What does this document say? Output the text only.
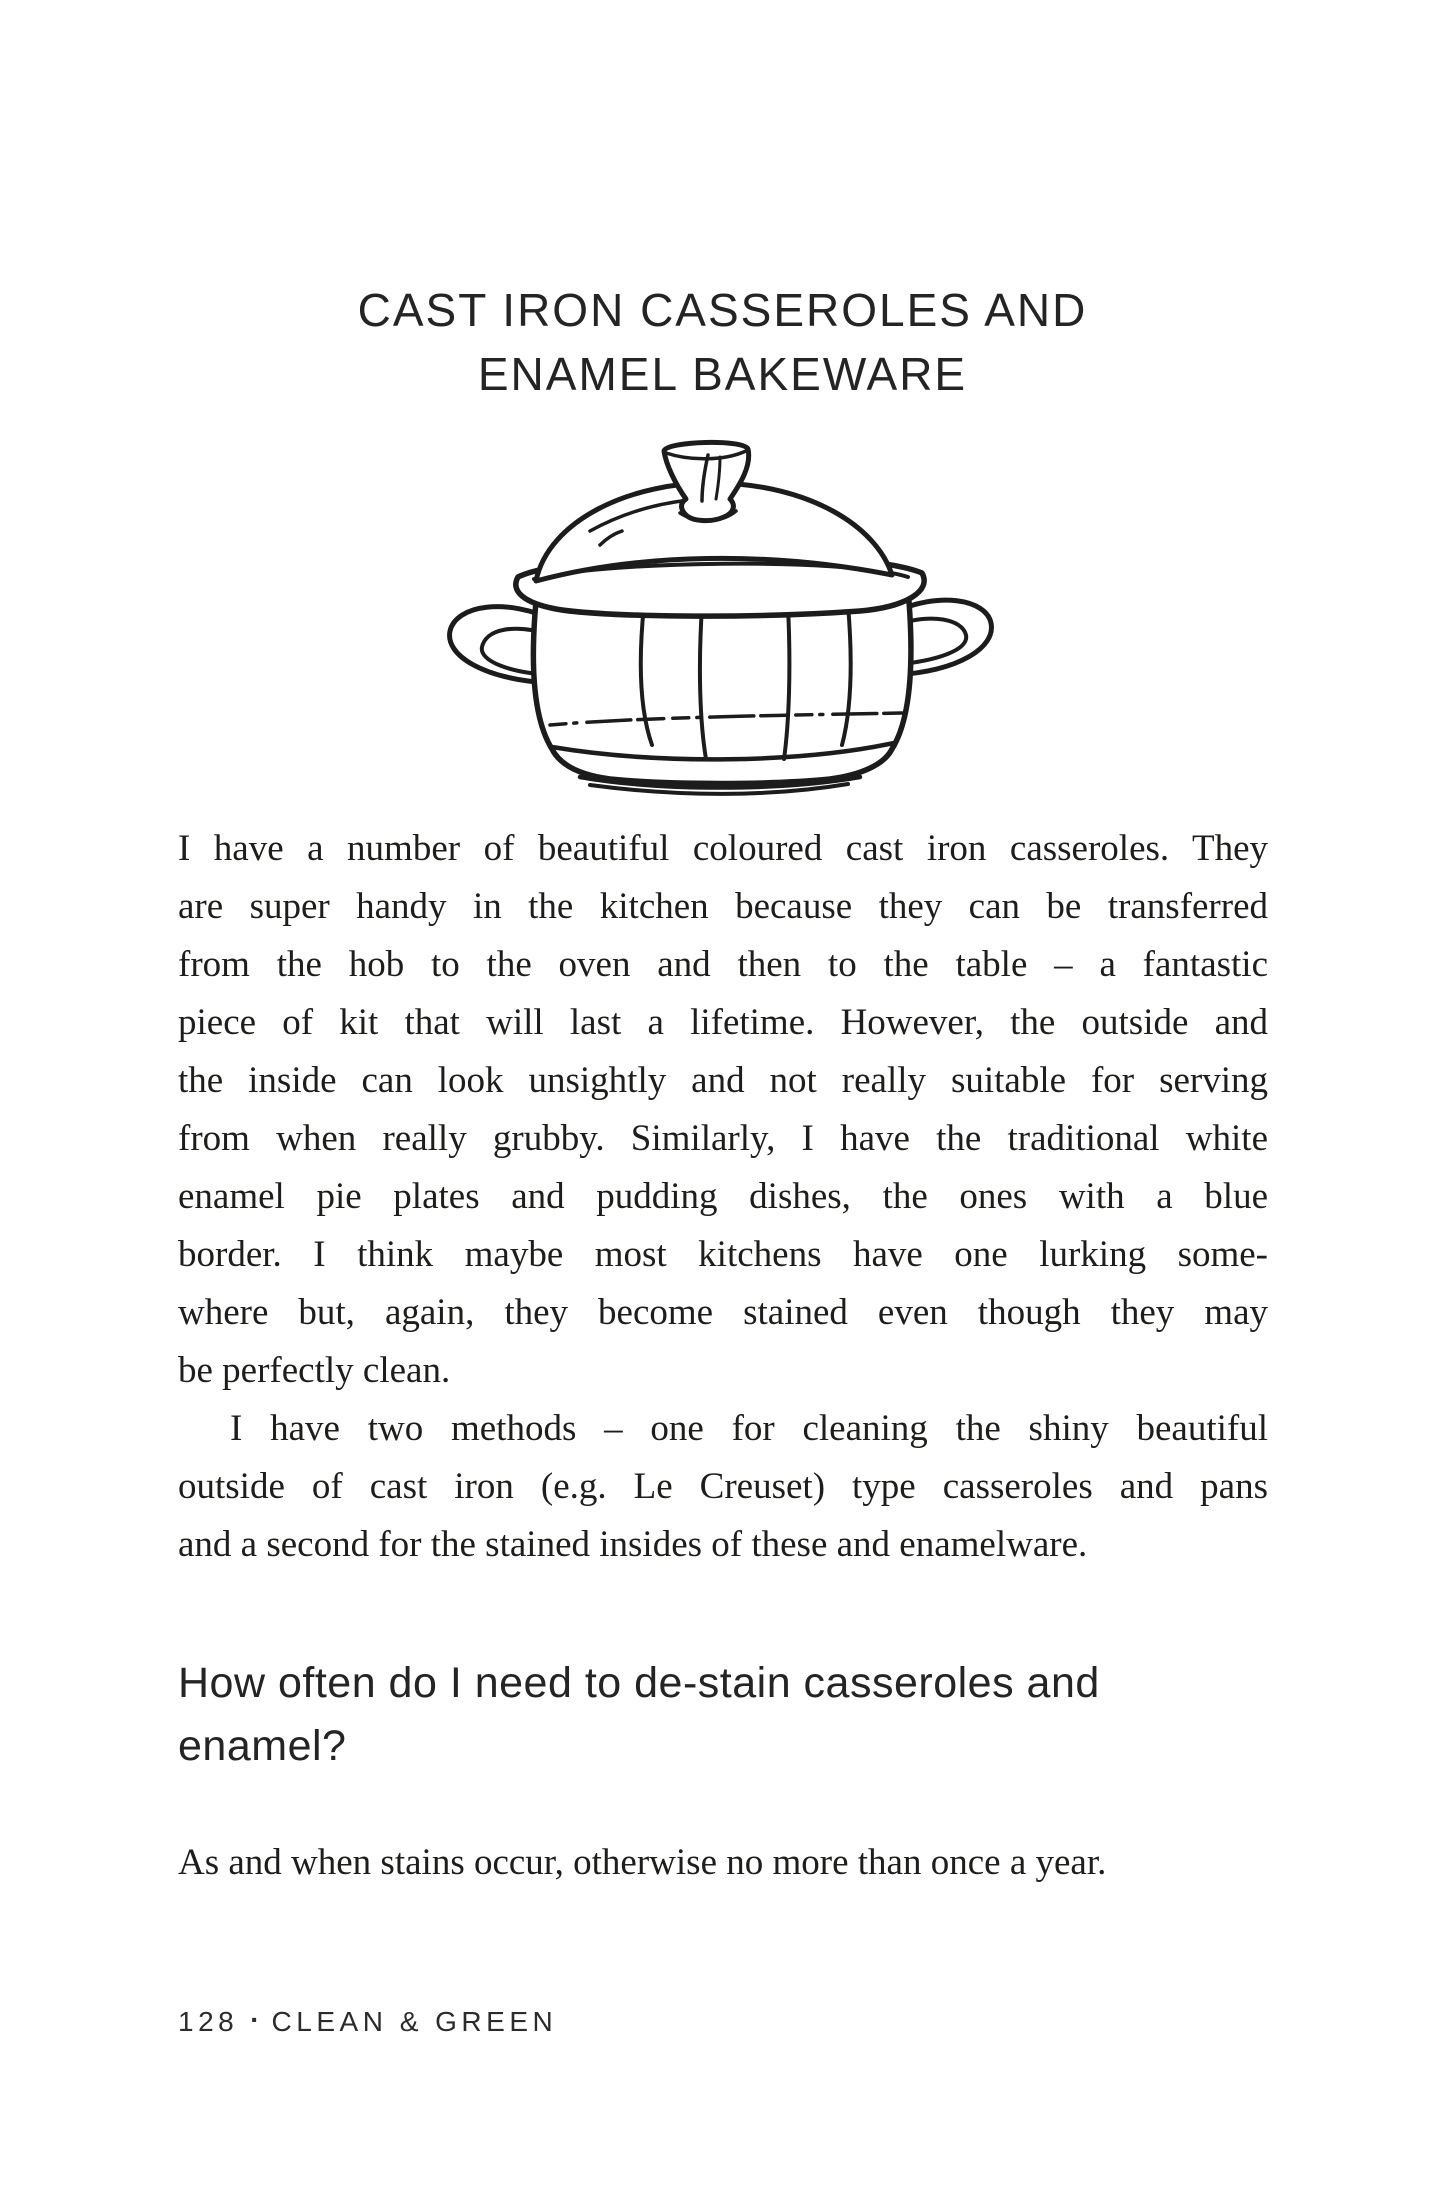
CAST IRON CASSEROLES AND
ENAMEL BAKEWARE
I have a number of beautiful coloured cast iron casseroles. They
are super handy in the kitchen because they can be transferred
from the hob to the oven and then to the table – a fantastic
piece of kit that will last a lifetime. However, the outside and
the inside can look unsightly and not really suitable for serving
from when really grubby. Similarly, I have the traditional white
enamel pie plates and pudding dishes, the ones with a blue
border. I think maybe most kitchens have one lurking some-
where but, again, they become stained even though they may
be perfectly clean.
I have two methods – one for cleaning the shiny beautiful
outside of cast iron (e.g. Le Creuset) type casseroles and pans
and a second for the stained insides of these and enamelware.
How often do I need to de-stain casseroles and
enamel?

As and when stains occur, otherwise no more than once a year.

128 · CLEAN & GREEN
